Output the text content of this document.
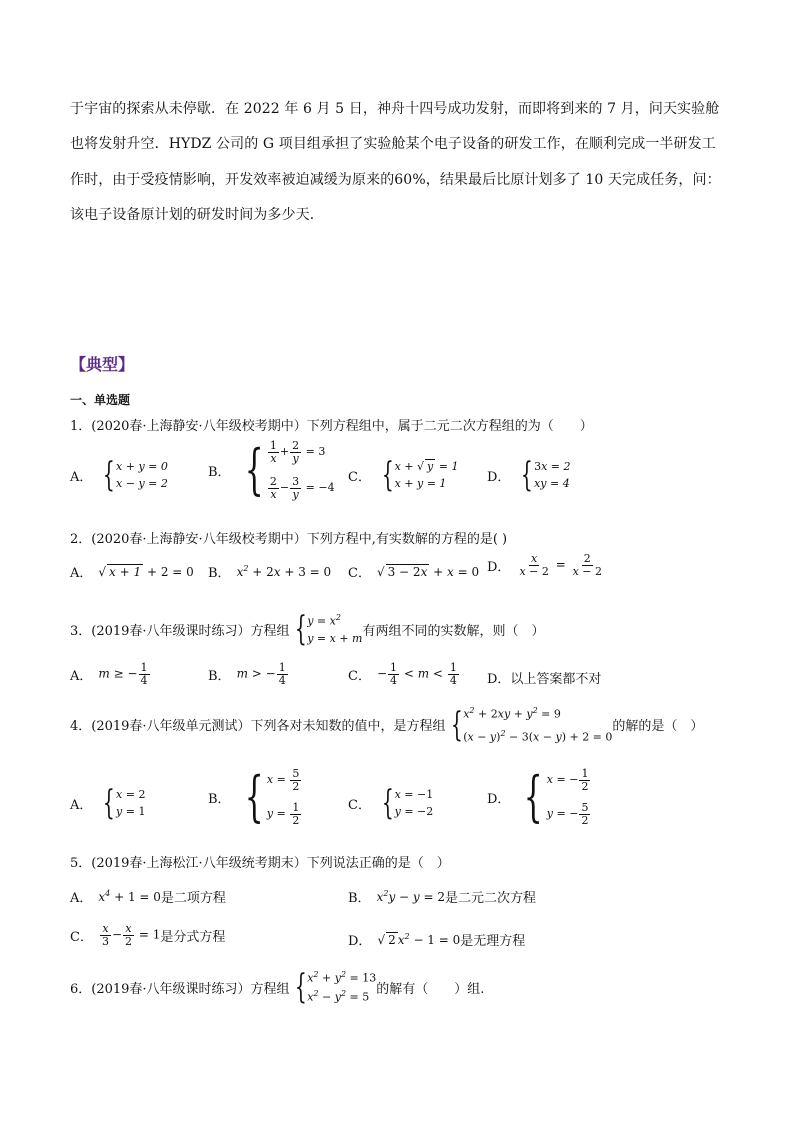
于宇宙的探索从未停歇．在 2022 年 6 月 5 日，神舟十四号成功发射，而即将到来的 7 月，问天实验舱也将发射升空．HYDZ 公司的 G 项目组承担了实验舱某个电子设备的研发工作，在顺利完成一半研发工作时，由于受疫情影响，开发效率被迫减缓为原来的60%，结果最后比原计划多了 10 天完成任务，问：该电子设备原计划的研发时间为多少天．
【典型】
一、单选题
1．(2020春·上海静安·八年级校考期中）下列方程组中，属于二元二次方程组的为（　　）
A． { x + y = 0
x − y = 2
B． { $\frac{1}{x} + \frac{2}{y} = 3$
$\frac{2}{x} - \frac{3}{y} = -4$
C． { x + √ y = 1
x + y = 1	D． { 3x = 2
xy = 4
2．(2020春·上海静安·八年级校考期中）下列方程中,有实数解的方程的是( )
A． √ x + 1 + 2 = 0 B． $x^2 + 2x + 3 = 0$ C． √ 3 − 2x + x = 0 D． $\frac{x}{x - 2} = \frac{2}{x - 2}$
3．(2019春·八年级课时练习）方程组 { $y = x^2$
y = x + m 有两组不同的实数解，则（　）
A． m ≥ − $\frac{1}{4}$	B． m > − $\frac{1}{4}$	C． − $\frac{1}{4} < m < \frac{1}{4}$ D．以上答案都不对
4．(2019春·八年级单元测试）下列各对未知数的值中，是方程组 { $x^2 + 2xy + y^2 = 9$
$(x - y)^2 - 3(x - y) + 2 = 0$
的解的是（　）
A． { x = 2
y = 1
B． { $x = \frac{5}{2}$
$y = \frac{1}{2}$	C． { x = −1
y = −2
D． { x = − $\frac{1}{2}$
y = − $\frac{5}{2}$
5．(2019春·上海松江·八年级统考期末）下列说法正确的是（　）
A． $x^4 + 1 = 0$ 是二项方程	B． $x^2y - y = 2$ 是二元二次方程
C． $\frac{x}{3} - \frac{x}{2} = 1$ 是分式方程	D． √ 2 $x^2 - 1 = 0$ 是无理方程
6．(2019春·八年级课时练习）方程组 { $x^2 + y^2 = 13$
$x^2 - y^2 = 5$
的解有（　　）组.
